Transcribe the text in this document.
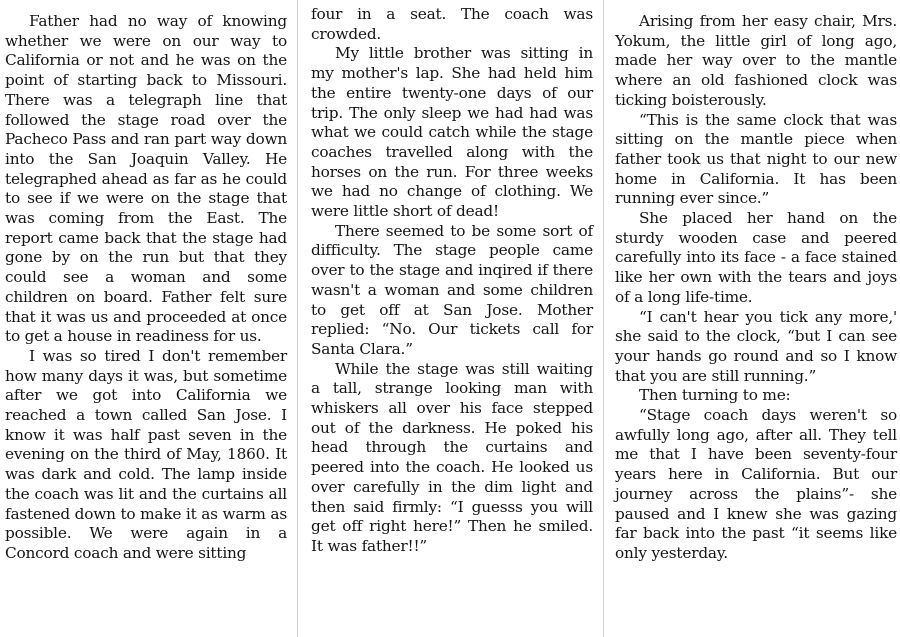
Father had no way of knowing whether we were on our way to California or not and he was on the point of starting back to Missouri. There was a telegraph line that followed the stage road over the Pacheco Pass and ran part way down into the San Joaquin Valley. He telegraphed ahead as far as he could to see if we were on the stage that was coming from the East. The report came back that the stage had gone by on the run but that they could see a woman and some children on board. Father felt sure that it was us and proceeded at once to get a house in readiness for us.

I was so tired I don't remember how many days it was, but sometime after we got into California we reached a town called San Jose. I know it was half past seven in the evening on the third of May, 1860. It was dark and cold. The lamp inside the coach was lit and the curtains all fastened down to make it as warm as possible. We were again in a Concord coach and were sitting

four in a seat. The coach was crowded.

My little brother was sitting in my mother's lap. She had held him the entire twenty-one days of our trip. The only sleep we had had was what we could catch while the stage coaches travelled along with the horses on the run. For three weeks we had no change of clothing. We were little short of dead!

There seemed to be some sort of difficulty. The stage people came over to the stage and inqired if there wasn't a woman and some children to get off at San Jose. Mother replied: “No. Our tickets call for Santa Clara.”

While the stage was still waiting a tall, strange looking man with whiskers all over his face stepped out of the darkness. He poked his head through the curtains and peered into the coach. He looked us over carefully in the dim light and then said firmly: “I guesss you will get off right here!” Then he smiled. It was father!!”

Arising from her easy chair, Mrs. Yokum, the little girl of long ago, made her way over to the mantle where an old fashioned clock was ticking boisterously.

“This is the same clock that was sitting on the mantle piece when father took us that night to our new home in California. It has been running ever since.”

She placed her hand on the sturdy wooden case and peered carefully into its face - a face stained like her own with the tears and joys of a long life-time.

“I can't hear you tick any more,' she said to the clock, “but I can see your hands go round and so I know that you are still running.”

Then turning to me:

“Stage coach days weren't so awfully long ago, after all. They tell me that I have been seventy-four years here in California. But our journey across the plains”- she paused and I knew she was gazing far back into the past “it seems like only yesterday.
